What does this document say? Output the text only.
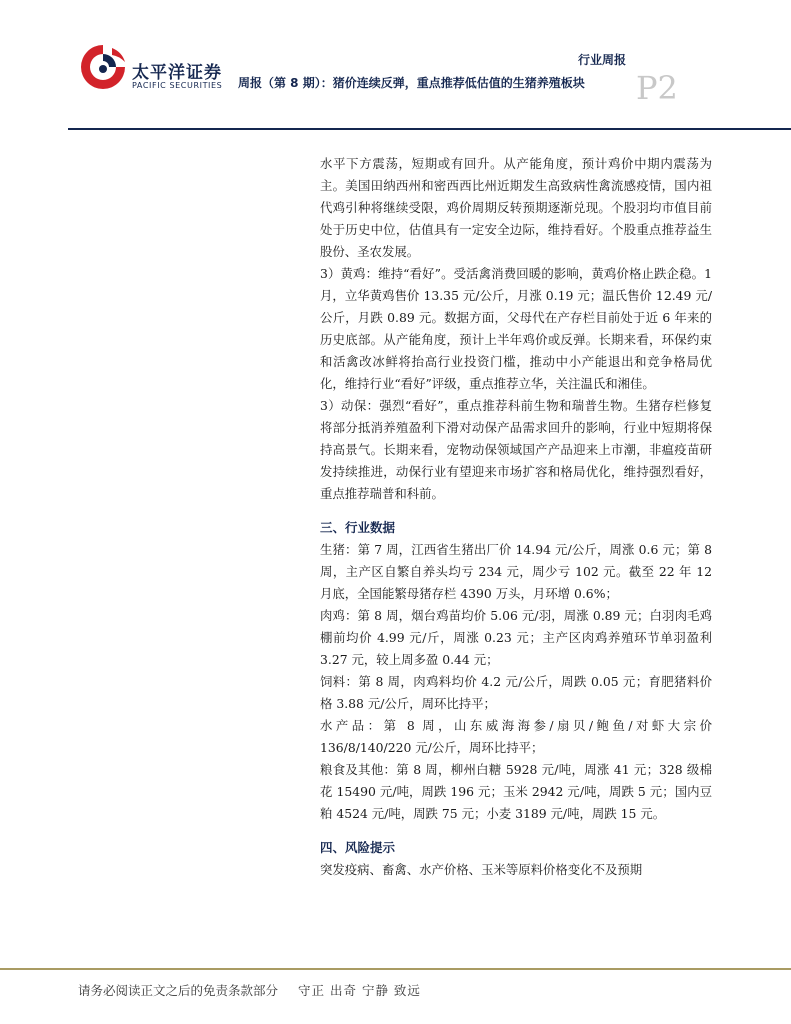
太平洋证券
PACIFIC SECURITIES
行业周报
周报（第 8 期）：猪价连续反弹，重点推荐低估值的生猪养殖板块 P2

水平下方震荡，短期或有回升。从产能角度，预计鸡价中期内震荡为主。美国田纳西州和密西西比州近期发生高致病性禽流感疫情，国内祖代鸡引种将继续受限，鸡价周期反转预期逐渐兑现。个股羽均市值目前处于历史中位，估值具有一定安全边际，维持看好。个股重点推荐益生股份、圣农发展。

3）黄鸡：维持“看好”。受活禽消费回暖的影响，黄鸡价格止跌企稳。1 月，立华黄鸡售价 13.35 元/公斤，月涨 0.19 元；温氏售价 12.49 元/公斤，月跌 0.89 元。数据方面，父母代在产存栏目前处于近 6 年来的历史底部。从产能角度，预计上半年鸡价或反弹。长期来看，环保约束和活禽改冰鲜将抬高行业投资门槛，推动中小产能退出和竞争格局优化，维持行业“看好”评级，重点推荐立华，关注温氏和湘佳。

3）动保：强烈“看好”，重点推荐科前生物和瑞普生物。生猪存栏修复将部分抵消养殖盈利下滑对动保产品需求回升的影响，行业中短期将保持高景气。长期来看，宠物动保领域国产产品迎来上市潮，非瘟疫苗研发持续推进，动保行业有望迎来市场扩容和格局优化，维持强烈看好，重点推荐瑞普和科前。

三、行业数据

生猪：第 7 周，江西省生猪出厂价 14.94 元/公斤，周涨 0.6 元；第 8 周，主产区自繁自养头均亏 234 元，周少亏 102 元。截至 22 年 12 月底，全国能繁母猪存栏 4390 万头，月环增 0.6%；

肉鸡：第 8 周，烟台鸡苗均价 5.06 元/羽，周涨 0.89 元；白羽肉毛鸡棚前均价 4.99 元/斤，周涨 0.23 元；主产区肉鸡养殖环节单羽盈利 3.27 元，较上周多盈 0.44 元；

饲料：第 8 周，肉鸡料均价 4.2 元/公斤，周跌 0.05 元；育肥猪料价格 3.88 元/公斤，周环比持平；

水产品：第 8 周，山东威海海参/扇贝/鲍鱼/对虾大宗价 136/8/140/220 元/公斤，周环比持平；

粮食及其他：第 8 周，柳州白糖 5928 元/吨，周涨 41 元；328 级棉花 15490 元/吨，周跌 196 元；玉米 2942 元/吨，周跌 5 元；国内豆粕 4524 元/吨，周跌 75 元；小麦 3189 元/吨，周跌 15 元。

四、风险提示

突发疫病、畜禽、水产价格、玉米等原料价格变化不及预期

请务必阅读正文之后的免责条款部分 守正 出奇 宁静 致远
